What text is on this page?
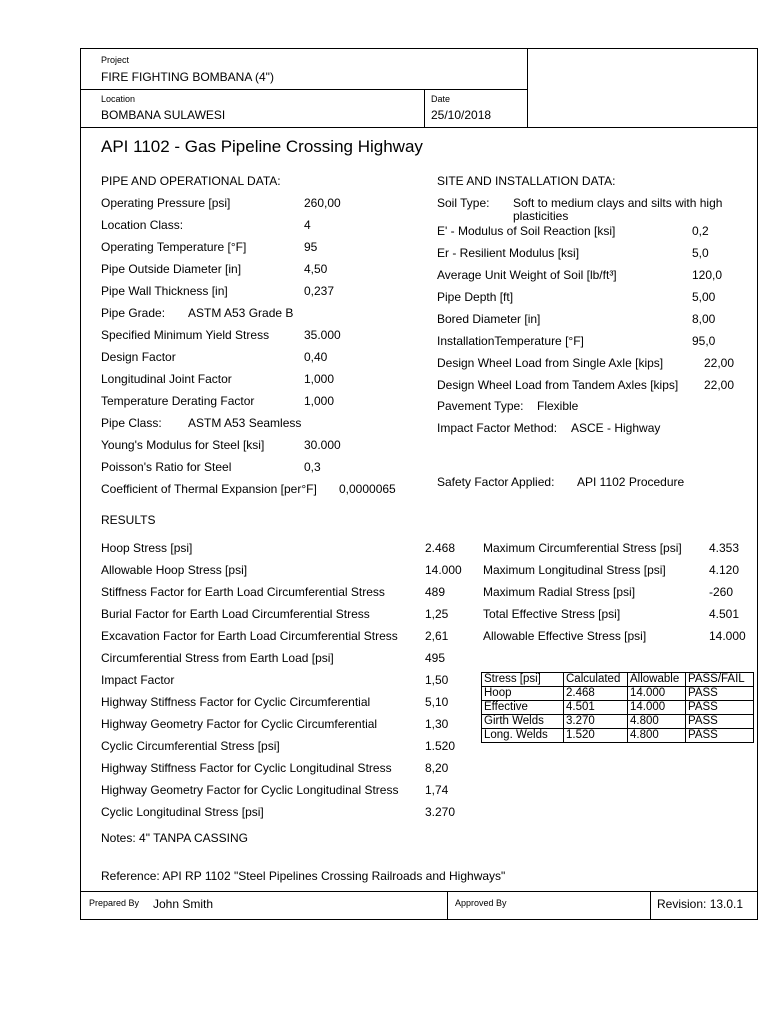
Project
FIRE FIGHTING BOMBANA (4")
Location
BOMBANA SULAWESI
Date
25/10/2018
API 1102 - Gas Pipeline Crossing Highway
PIPE AND OPERATIONAL DATA:
Operating Pressure [psi]	260,00
Location Class:	4
Operating Temperature [°F]	95
Pipe Outside Diameter [in]	4,50
Pipe Wall Thickness [in]	0,237
Pipe Grade: ASTM A53 Grade B
Specified Minimum Yield Stress	35.000
Design Factor	0,40
Longitudinal Joint Factor	1,000
Temperature Derating Factor	1,000
Pipe Class: ASTM A53 Seamless
Young's Modulus for Steel [ksi]	30.000
Poisson's Ratio for Steel	0,3
Coefficient of Thermal Expansion [per°F] 0,0000065
SITE AND INSTALLATION DATA:
Soil Type: Soft to medium clays and silts with high
plasticities
E' - Modulus of Soil Reaction [ksi]	0,2
Er - Resilient Modulus [ksi]	5,0
Average Unit Weight of Soil [lb/ft³]	120,0
Pipe Depth [ft]	5,00
Bored Diameter [in]	8,00
InstallationTemperature [°F]	95,0
Design Wheel Load from Single Axle [kips]	22,00
Design Wheel Load from Tandem Axles [kips] 22,00
Pavement Type: Flexible
Impact Factor Method: ASCE - Highway
Safety Factor Applied: API 1102 Procedure
RESULTS
Hoop Stress [psi]	2.468
Allowable Hoop Stress [psi]	14.000
Stiffness Factor for Earth Load Circumferential Stress	489
Burial Factor for Earth Load Circumferential Stress	1,25
Excavation Factor for Earth Load Circumferential Stress 2,61
Circumferential Stress from Earth Load [psi]	495
Impact Factor	1,50
Highway Stiffness Factor for Cyclic Circumferential	5,10
Highway Geometry Factor for Cyclic Circumferential	1,30
Cyclic Circumferential Stress [psi]	1.520
Highway Stiffness Factor for Cyclic Longitudinal Stress	8,20
Highway Geometry Factor for Cyclic Longitudinal Stress 1,74
Cyclic Longitudinal Stress [psi]	3.270
Maximum Circumferential Stress [psi] 4.353
Maximum Longitudinal Stress [psi]	4.120
Maximum Radial Stress [psi]	-260
Total Effective Stress [psi]	4.501
Allowable Effective Stress [psi]	14.000
Stress [psi]	Calculated	Allowable	PASS/FAIL
Hoop	2.468	14.000	PASS
Effective	4.501	14.000	PASS
Girth Welds	3.270	4.800	PASS
Long. Welds	1.520	4.800	PASS
Notes: 4" TANPA CASSING
Reference: API RP 1102 "Steel Pipelines Crossing Railroads and Highways"
Prepared By John Smith	Approved By	Revision: 13.0.1
